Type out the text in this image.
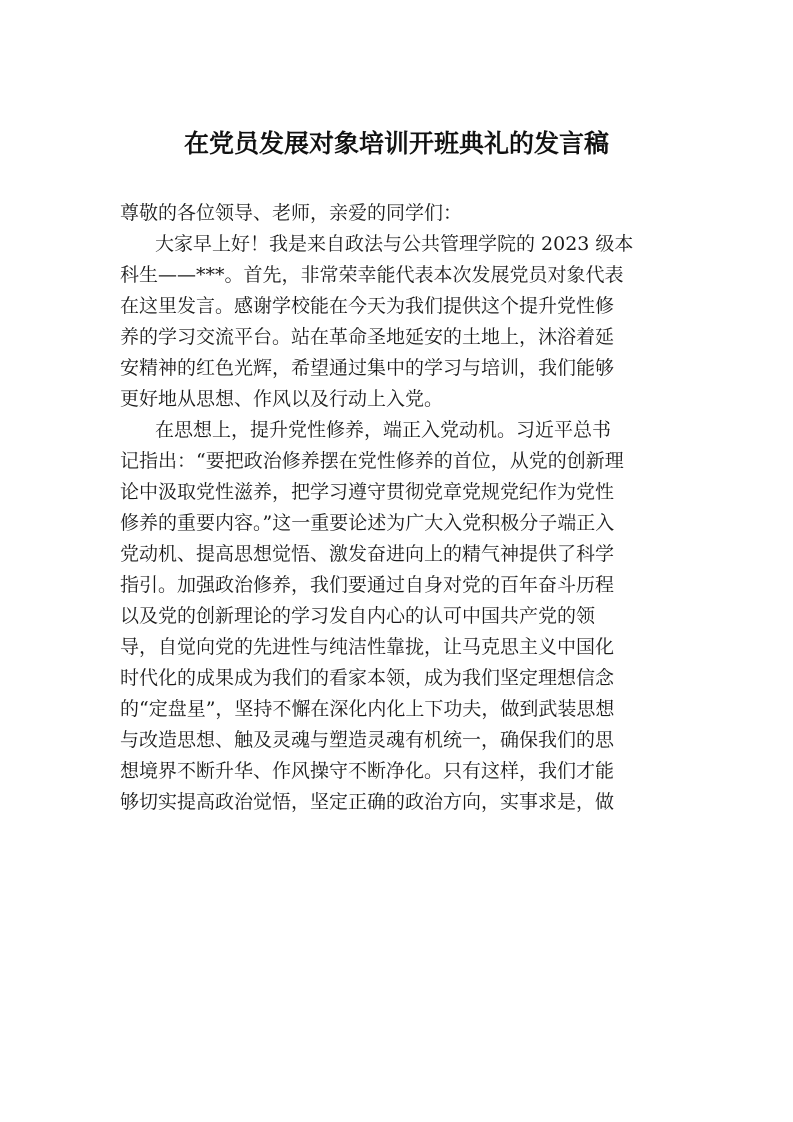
在党员发展对象培训开班典礼的发言稿
尊敬的各位领导、老师，亲爱的同学们：
大家早上好！我是来自政法与公共管理学院的 2023 级本
科生——***。首先，非常荣幸能代表本次发展党员对象代表
在这里发言。感谢学校能在今天为我们提供这个提升党性修
养的学习交流平台。站在革命圣地延安的土地上，沐浴着延
安精神的红色光辉，希望通过集中的学习与培训，我们能够
更好地从思想、作风以及行动上入党。
在思想上，提升党性修养，端正入党动机。习近平总书
记指出：“要把政治修养摆在党性修养的首位，从党的创新理
论中汲取党性滋养，把学习遵守贯彻党章党规党纪作为党性
修养的重要内容。”这一重要论述为广大入党积极分子端正入
党动机、提高思想觉悟、激发奋进向上的精气神提供了科学
指引。加强政治修养，我们要通过自身对党的百年奋斗历程
以及党的创新理论的学习发自内心的认可中国共产党的领
导，自觉向党的先进性与纯洁性靠拢，让马克思主义中国化
时代化的成果成为我们的看家本领，成为我们坚定理想信念
的“定盘星”，坚持不懈在深化内化上下功夫，做到武装思想
与改造思想、触及灵魂与塑造灵魂有机统一，确保我们的思
想境界不断升华、作风操守不断净化。只有这样，我们才能
够切实提高政治觉悟，坚定正确的政治方向，实事求是，做
